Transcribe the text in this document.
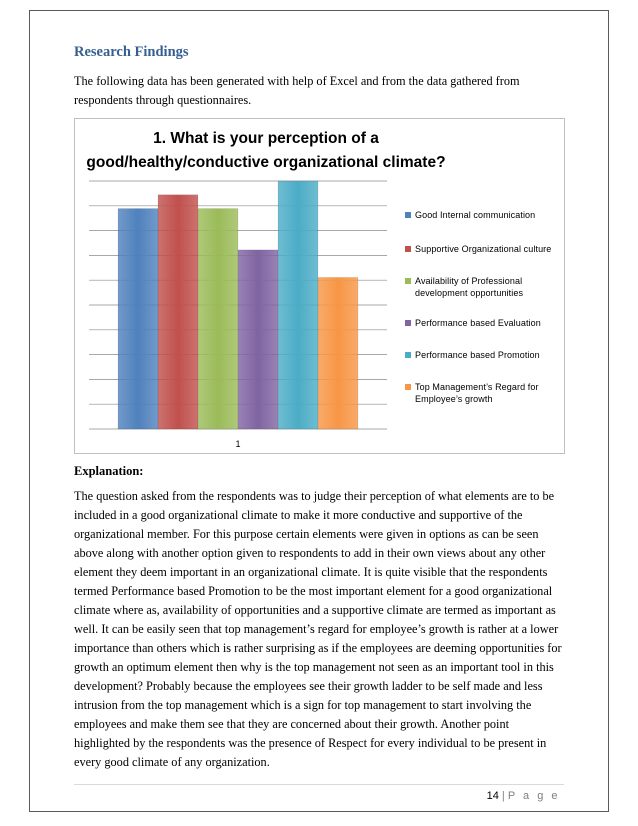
Research Findings
The following data has been generated with help of Excel and from the data gathered from respondents through questionnaires.
1. What is your perception of a
good/healthy/conductive organizational climate?
1
Good Internal communication
Supportive Organizational culture
Availability of Professional development opportunities
Performance based Evaluation
Performance based Promotion
Top Management’s Regard for Employee’s growth
Explanation:
The question asked from the respondents was to judge their perception of what elements are to be included in a good organizational climate to make it more conductive and supportive of the organizational member. For this purpose certain elements were given in options as can be seen above along with another option given to respondents to add in their own views about any other element they deem important in an organizational climate. It is quite visible that the respondents termed Performance based Promotion to be the most important element for a good organizational climate where as, availability of opportunities and a supportive climate are termed as important as well. It can be easily seen that top management’s regard for employee’s growth is rather at a lower importance than others which is rather surprising as if the employees are deeming opportunities for growth an optimum element then why is the top management not seen as an important tool in this development? Probably because the employees see their growth ladder to be self made and less intrusion from the top management which is a sign for top management to start involving the employees and make them see that they are concerned about their growth. Another point highlighted by the respondents was the presence of Respect for every individual to be present in every good climate of any organization.
14 | P a g e
